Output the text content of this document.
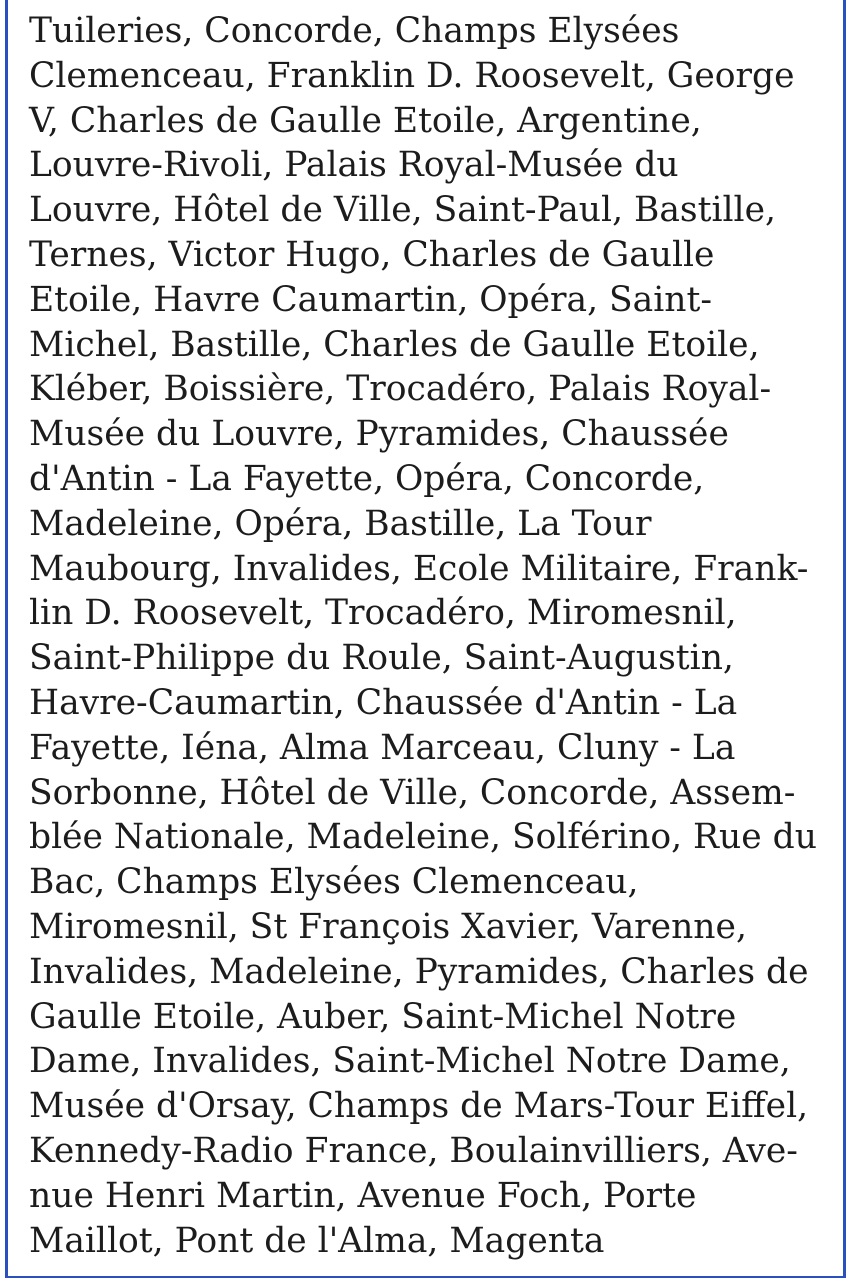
Tuileries, Concorde, Champs Elysées
Clemenceau, Franklin D. Roosevelt, George
V, Charles de Gaulle Etoile, Argentine,
Louvre-Rivoli, Palais Royal-Musée du
Louvre, Hôtel de Ville, Saint-Paul, Bastille,
Ternes, Victor Hugo, Charles de Gaulle
Etoile, Havre Caumartin, Opéra, Saint-
Michel, Bastille, Charles de Gaulle Etoile,
Kléber, Boissière, Trocadéro, Palais Royal-
Musée du Louvre, Pyramides, Chaussée
d'Antin - La Fayette, Opéra, Concorde,
Madeleine, Opéra, Bastille, La Tour
Maubourg, Invalides, Ecole Militaire, Frank-
lin D. Roosevelt, Trocadéro, Miromesnil,
Saint-Philippe du Roule, Saint-Augustin,
Havre-Caumartin, Chaussée d'Antin - La
Fayette, Iéna, Alma Marceau, Cluny - La
Sorbonne, Hôtel de Ville, Concorde, Assem-
blée Nationale, Madeleine, Solférino, Rue du
Bac, Champs Elysées Clemenceau,
Miromesnil, St François Xavier, Varenne,
Invalides, Madeleine, Pyramides, Charles de
Gaulle Etoile, Auber, Saint-Michel Notre
Dame, Invalides, Saint-Michel Notre Dame,
Musée d'Orsay, Champs de Mars-Tour Eiffel,
Kennedy-Radio France, Boulainvilliers, Ave-
nue Henri Martin, Avenue Foch, Porte
Maillot, Pont de l'Alma, Magenta
